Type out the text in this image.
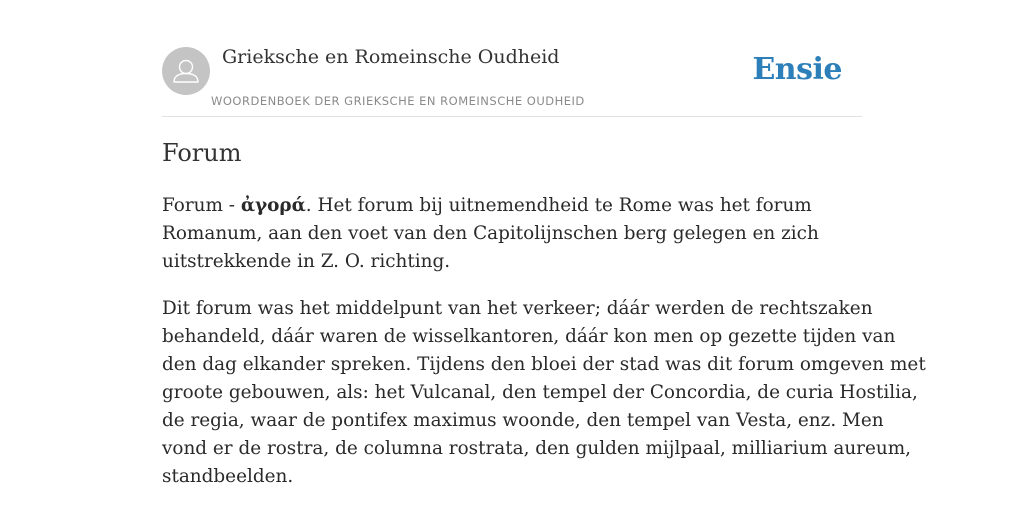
Grieksche en Romeinsche Oudheid
WOORDENBOEK DER GRIEKSCHE EN ROMEINSCHE OUDHEID
Ensie
Forum

Forum - ἀγορά. Het forum bij uitnemendheid te Rome was het forum
Romanum, aan den voet van den Capitolijnschen berg gelegen en zich
uitstrekkende in Z. O. richting.

Dit forum was het middelpunt van het verkeer; dáár werden de rechtszaken
behandeld, dáár waren de wisselkantoren, dáár kon men op gezette tijden van
den dag elkander spreken. Tijdens den bloei der stad was dit forum omgeven met
groote gebouwen, als: het Vulcanal, den tempel der Concordia, de curia Hostilia,
de regia, waar de pontifex maximus woonde, den tempel van Vesta, enz. Men
vond er de rostra, de columna rostrata, den gulden mijlpaal, milliarium aureum,
standbeelden.
